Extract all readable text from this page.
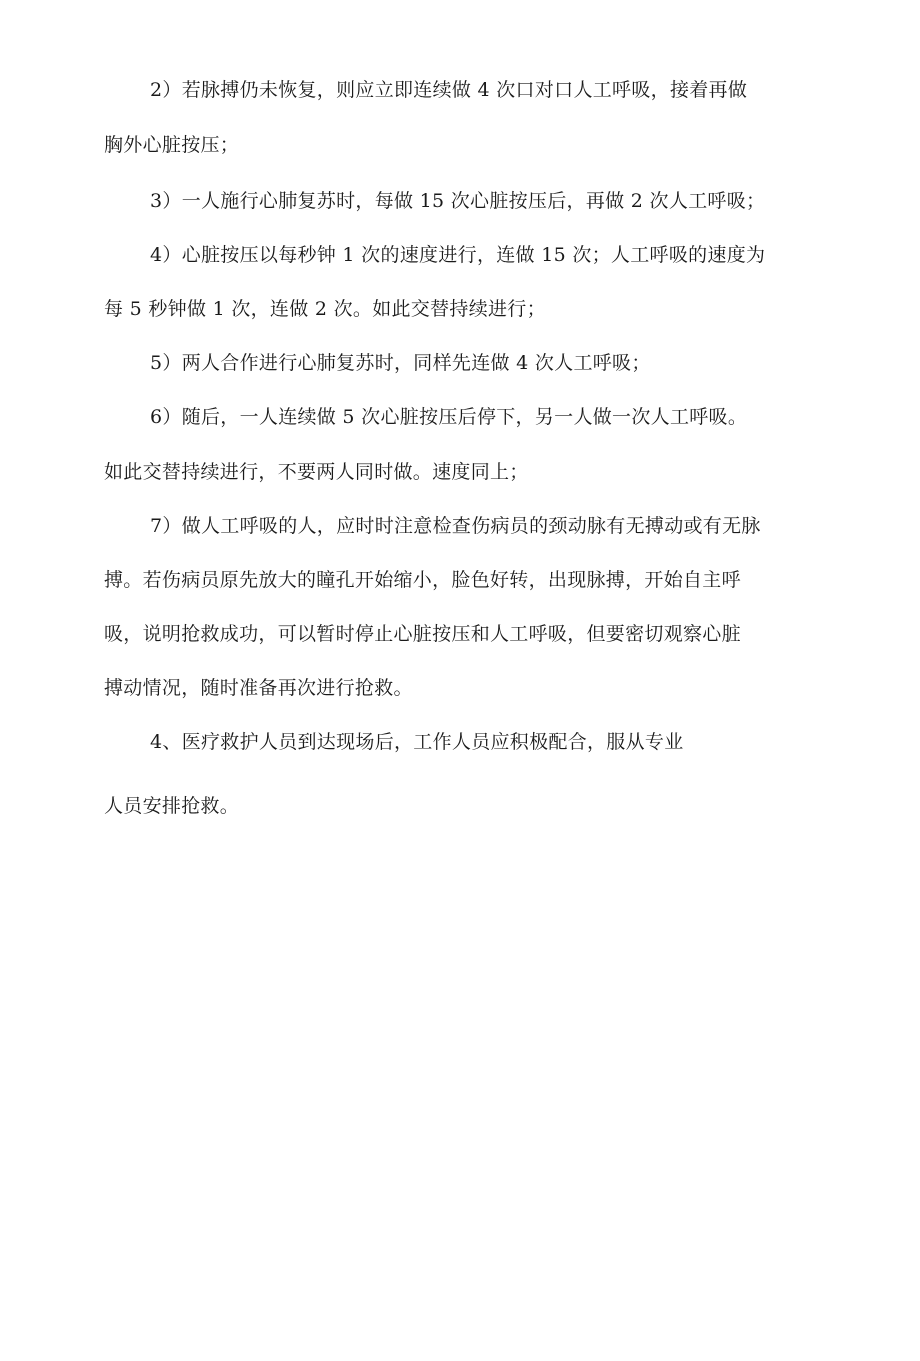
2）若脉搏仍未恢复，则应立即连续做 4 次口对口人工呼吸，接着再做
胸外心脏按压；
3）一人施行心肺复苏时，每做 15 次心脏按压后，再做 2 次人工呼吸；
4）心脏按压以每秒钟 1 次的速度进行，连做 15 次；人工呼吸的速度为
每 5 秒钟做 1 次，连做 2 次。如此交替持续进行；
5）两人合作进行心肺复苏时，同样先连做 4 次人工呼吸；
6）随后，一人连续做 5 次心脏按压后停下，另一人做一次人工呼吸。
如此交替持续进行，不要两人同时做。速度同上；
7）做人工呼吸的人，应时时注意检查伤病员的颈动脉有无搏动或有无脉
搏。若伤病员原先放大的瞳孔开始缩小，脸色好转，出现脉搏，开始自主呼
吸，说明抢救成功，可以暂时停止心脏按压和人工呼吸，但要密切观察心脏
搏动情况，随时准备再次进行抢救。
4、医疗救护人员到达现场后，工作人员应积极配合，服从专业
人员安排抢救。
